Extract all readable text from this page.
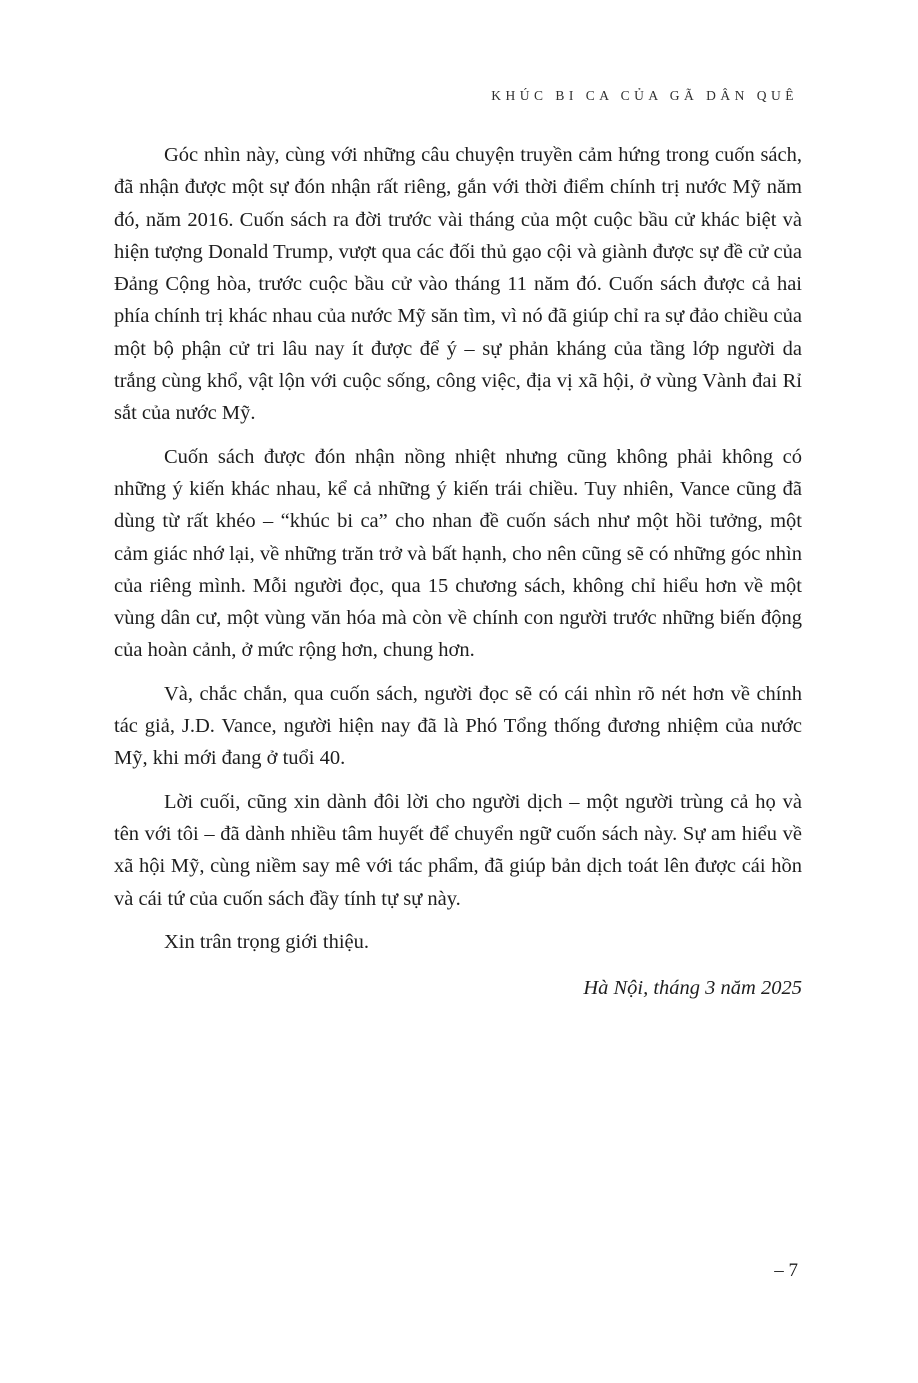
KHÚC BI CA CỦA GÃ DÂN QUÊ

Góc nhìn này, cùng với những câu chuyện truyền cảm hứng trong cuốn sách, đã nhận được một sự đón nhận rất riêng, gắn với thời điểm chính trị nước Mỹ năm đó, năm 2016. Cuốn sách ra đời trước vài tháng của một cuộc bầu cử khác biệt và hiện tượng Donald Trump, vượt qua các đối thủ gạo cội và giành được sự đề cử của Đảng Cộng hòa, trước cuộc bầu cử vào tháng 11 năm đó. Cuốn sách được cả hai phía chính trị khác nhau của nước Mỹ săn tìm, vì nó đã giúp chỉ ra sự đảo chiều của một bộ phận cử tri lâu nay ít được để ý – sự phản kháng của tầng lớp người da trắng cùng khổ, vật lộn với cuộc sống, công việc, địa vị xã hội, ở vùng Vành đai Rỉ sắt của nước Mỹ.

Cuốn sách được đón nhận nồng nhiệt nhưng cũng không phải không có những ý kiến khác nhau, kể cả những ý kiến trái chiều. Tuy nhiên, Vance cũng đã dùng từ rất khéo – “khúc bi ca” cho nhan đề cuốn sách như một hồi tưởng, một cảm giác nhớ lại, về những trăn trở và bất hạnh, cho nên cũng sẽ có những góc nhìn của riêng mình. Mỗi người đọc, qua 15 chương sách, không chỉ hiểu hơn về một vùng dân cư, một vùng văn hóa mà còn về chính con người trước những biến động của hoàn cảnh, ở mức rộng hơn, chung hơn.

Và, chắc chắn, qua cuốn sách, người đọc sẽ có cái nhìn rõ nét hơn về chính tác giả, J.D. Vance, người hiện nay đã là Phó Tổng thống đương nhiệm của nước Mỹ, khi mới đang ở tuổi 40.

Lời cuối, cũng xin dành đôi lời cho người dịch – một người trùng cả họ và tên với tôi – đã dành nhiều tâm huyết để chuyển ngữ cuốn sách này. Sự am hiểu về xã hội Mỹ, cùng niềm say mê với tác phẩm, đã giúp bản dịch toát lên được cái hồn và cái tứ của cuốn sách đầy tính tự sự này.

Xin trân trọng giới thiệu.

Hà Nội, tháng 3 năm 2025
– 7
